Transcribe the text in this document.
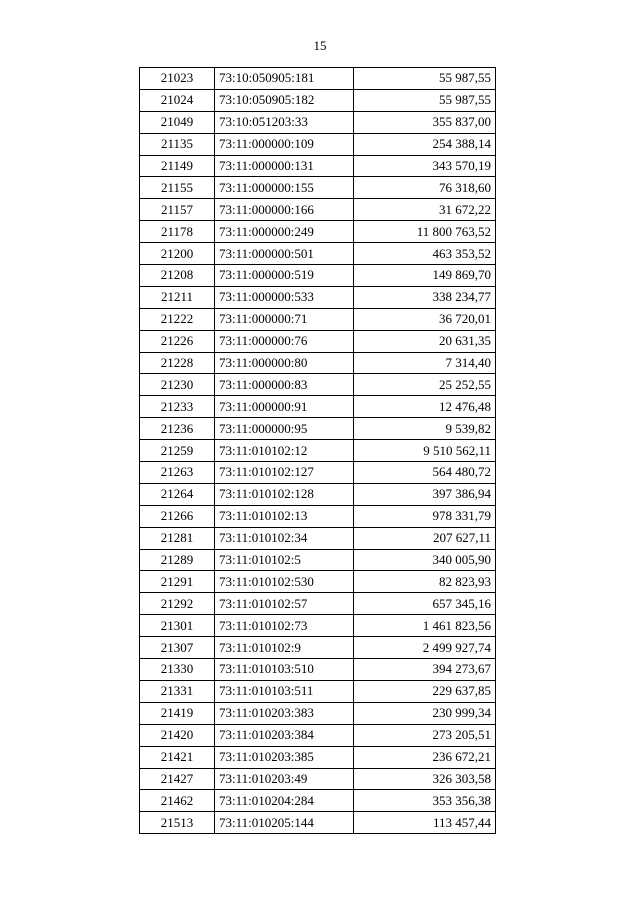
15
21023	73:10:050905:181	55 987,55
21024	73:10:050905:182	55 987,55
21049	73:10:051203:33	355 837,00
21135	73:11:000000:109	254 388,14
21149	73:11:000000:131	343 570,19
21155	73:11:000000:155	76 318,60
21157	73:11:000000:166	31 672,22
21178	73:11:000000:249	11 800 763,52
21200	73:11:000000:501	463 353,52
21208	73:11:000000:519	149 869,70
21211	73:11:000000:533	338 234,77
21222	73:11:000000:71	36 720,01
21226	73:11:000000:76	20 631,35
21228	73:11:000000:80	7 314,40
21230	73:11:000000:83	25 252,55
21233	73:11:000000:91	12 476,48
21236	73:11:000000:95	9 539,82
21259	73:11:010102:12	9 510 562,11
21263	73:11:010102:127	564 480,72
21264	73:11:010102:128	397 386,94
21266	73:11:010102:13	978 331,79
21281	73:11:010102:34	207 627,11
21289	73:11:010102:5	340 005,90
21291	73:11:010102:530	82 823,93
21292	73:11:010102:57	657 345,16
21301	73:11:010102:73	1 461 823,56
21307	73:11:010102:9	2 499 927,74
21330	73:11:010103:510	394 273,67
21331	73:11:010103:511	229 637,85
21419	73:11:010203:383	230 999,34
21420	73:11:010203:384	273 205,51
21421	73:11:010203:385	236 672,21
21427	73:11:010203:49	326 303,58
21462	73:11:010204:284	353 356,38
21513	73:11:010205:144	113 457,44
